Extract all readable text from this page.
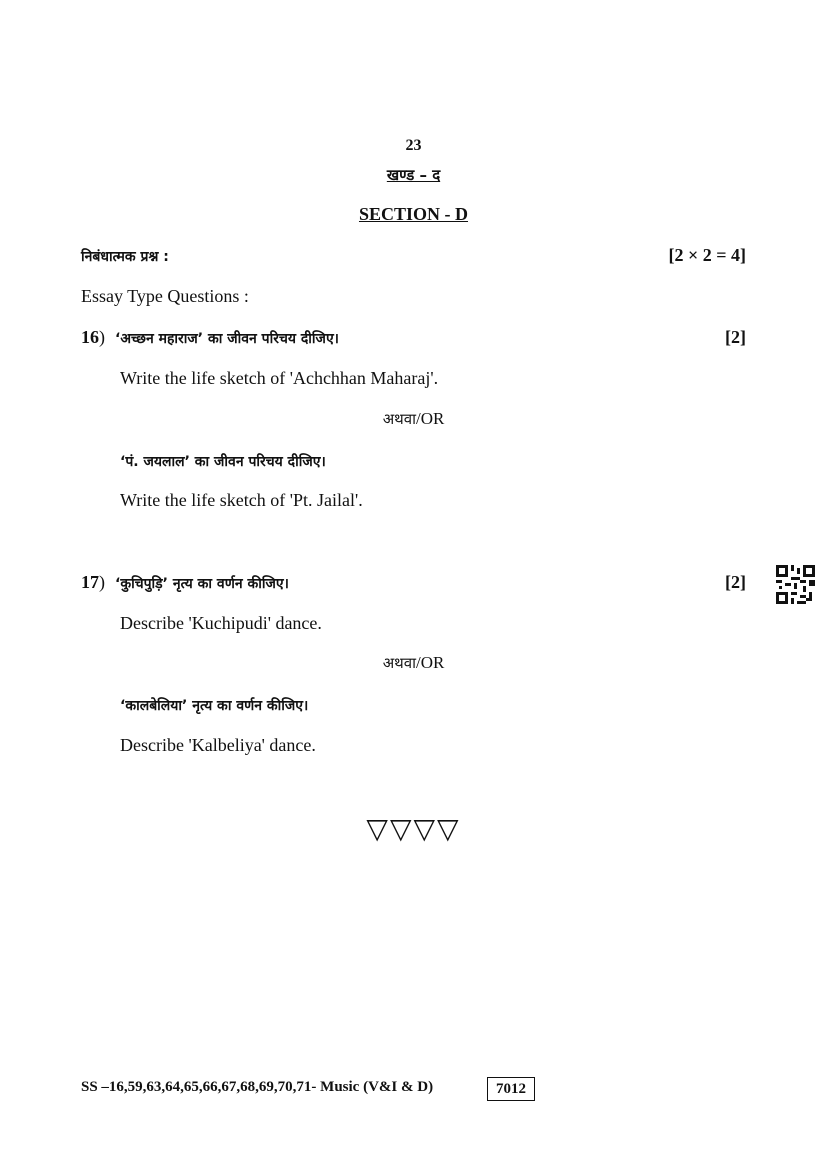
23
खण्ड – द
SECTION - D
निबंधात्मक प्रश्न :	[2 × 2 = 4]
Essay Type Questions :
16) ‘अच्छन महाराज’ का जीवन परिचय दीजिए।	[2]
Write the life sketch of 'Achchhan Maharaj'.
अथवा/OR
‘पं. जयलाल’ का जीवन परिचय दीजिए।
Write the life sketch of 'Pt. Jailal'.
17) ‘कुचिपुड़ि’ नृत्य का वर्णन कीजिए।	[2]
Describe 'Kuchipudi' dance.
अथवा/OR
‘कालबेलिया’ नृत्य का वर्णन कीजिए।
Describe 'Kalbeliya' dance.
▽▽▽▽
SS –16,59,63,64,65,66,67,68,69,70,71- Music (V&I & D)	7012
